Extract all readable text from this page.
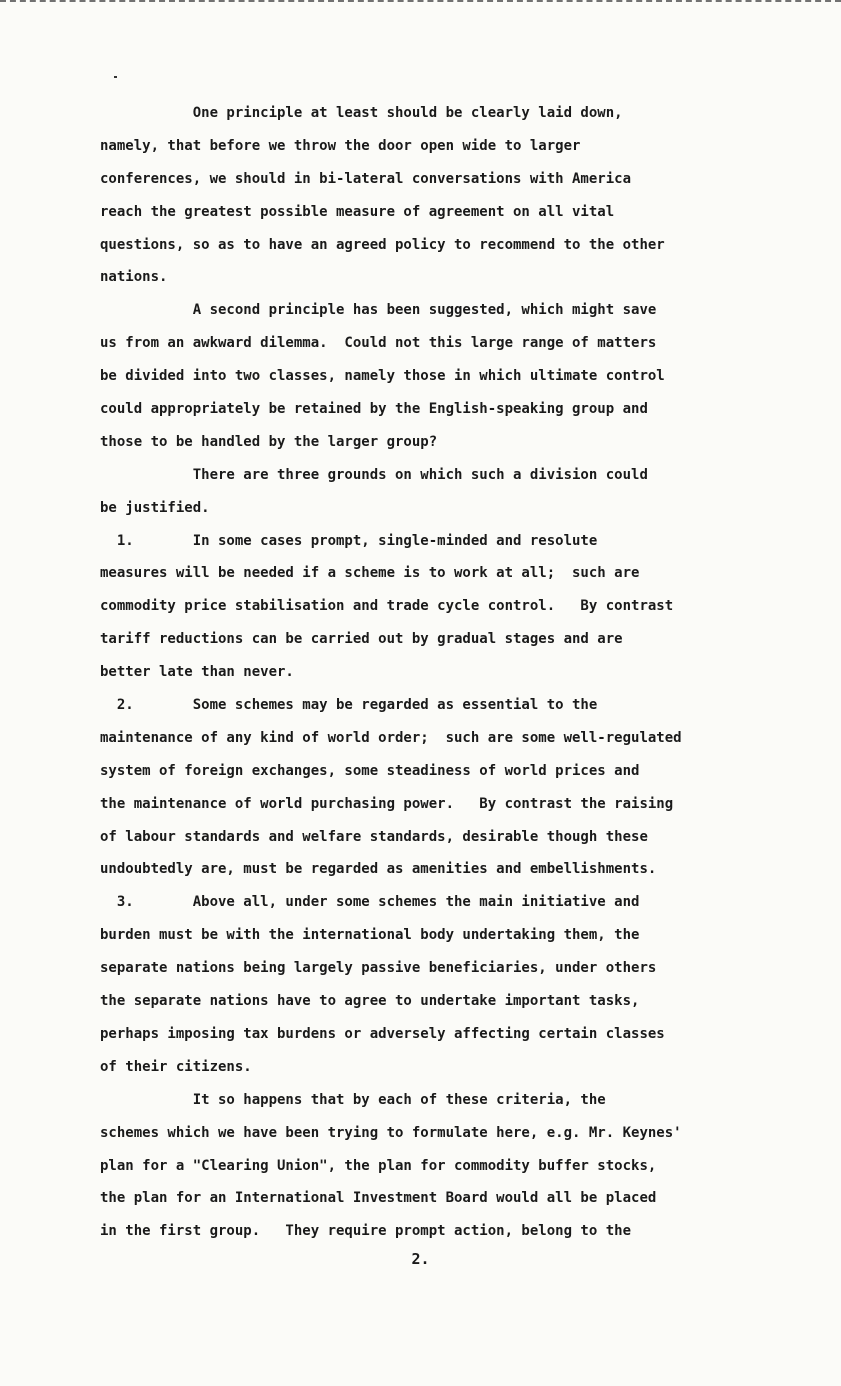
One principle at least should be clearly laid down,
namely, that before we throw the door open wide to larger
conferences, we should in bi-lateral conversations with America
reach the greatest possible measure of agreement on all vital
questions, so as to have an agreed policy to recommend to the other
nations.
A second principle has been suggested, which might save
us from an awkward dilemma.  Could not this large range of matters
be divided into two classes, namely those in which ultimate control
could appropriately be retained by the English-speaking group and
those to be handled by the larger group?
There are three grounds on which such a division could
be justified.
1.       In some cases prompt, single-minded and resolute
measures will be needed if a scheme is to work at all;  such are
commodity price stabilisation and trade cycle control.   By contrast
tariff reductions can be carried out by gradual stages and are
better late than never.
2.       Some schemes may be regarded as essential to the
maintenance of any kind of world order;  such are some well-regulated
system of foreign exchanges, some steadiness of world prices and
the maintenance of world purchasing power.   By contrast the raising
of labour standards and welfare standards, desirable though these
undoubtedly are, must be regarded as amenities and embellishments.
3.       Above all, under some schemes the main initiative and
burden must be with the international body undertaking them, the
separate nations being largely passive beneficiaries, under others
the separate nations have to agree to undertake important tasks,
perhaps imposing tax burdens or adversely affecting certain classes
of their citizens.
It so happens that by each of these criteria, the
schemes which we have been trying to formulate here, e.g. Mr. Keynes'
plan for a "Clearing Union", the plan for commodity buffer stocks,
the plan for an International Investment Board would all be placed
in the first group.   They require prompt action, belong to the
2.
